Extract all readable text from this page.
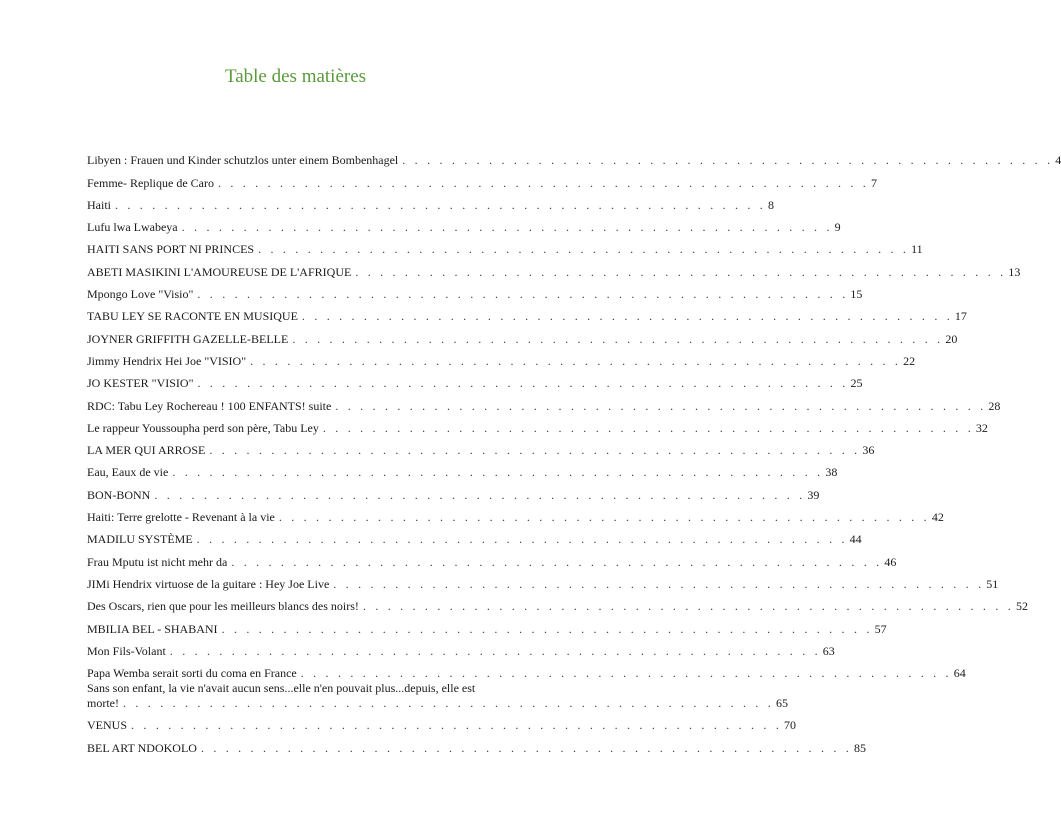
Table des matières
Libyen : Frauen und Kinder schutzlos unter einem Bombenhagel . . . . . . . . . . . . . . . . . . . . . . . . . . . . . . . . . . . . . . . . . . . . . . . . . . . . . 4
Femme- Replique de Caro . . . . . . . . . . . . . . . . . . . . . . . . . . . . . . . . . . . . . . . . . . . . . . . . . . . . . 7
Haiti . . . . . . . . . . . . . . . . . . . . . . . . . . . . . . . . . . . . . . . . . . . . . . . . . . . . . 8
Lufu lwa Lwabeya . . . . . . . . . . . . . . . . . . . . . . . . . . . . . . . . . . . . . . . . . . . . . . . . . . . . . 9
HAITI SANS PORT NI PRINCES . . . . . . . . . . . . . . . . . . . . . . . . . . . . . . . . . . . . . . . . . . . . . . . . . . . . . 11
ABETI MASIKINI L'AMOUREUSE DE L'AFRIQUE . . . . . . . . . . . . . . . . . . . . . . . . . . . . . . . . . . . . . . . . . . . . . . . . . . . . . 13
Mpongo Love "Visio" . . . . . . . . . . . . . . . . . . . . . . . . . . . . . . . . . . . . . . . . . . . . . . . . . . . . . 15
TABU LEY SE RACONTE EN MUSIQUE . . . . . . . . . . . . . . . . . . . . . . . . . . . . . . . . . . . . . . . . . . . . . . . . . . . . . 17
JOYNER GRIFFITH GAZELLE-BELLE . . . . . . . . . . . . . . . . . . . . . . . . . . . . . . . . . . . . . . . . . . . . . . . . . . . . . 20
Jimmy Hendrix Hei Joe "VISIO" . . . . . . . . . . . . . . . . . . . . . . . . . . . . . . . . . . . . . . . . . . . . . . . . . . . . . 22
JO KESTER "VISIO" . . . . . . . . . . . . . . . . . . . . . . . . . . . . . . . . . . . . . . . . . . . . . . . . . . . . . 25
RDC: Tabu Ley Rochereau ! 100 ENFANTS! suite . . . . . . . . . . . . . . . . . . . . . . . . . . . . . . . . . . . . . . . . . . . . . . . . . . . . . 28
Le rappeur Youssoupha perd son père, Tabu Ley . . . . . . . . . . . . . . . . . . . . . . . . . . . . . . . . . . . . . . . . . . . . . . . . . . . . . 32
LA MER QUI ARROSE . . . . . . . . . . . . . . . . . . . . . . . . . . . . . . . . . . . . . . . . . . . . . . . . . . . . . 36
Eau, Eaux de vie . . . . . . . . . . . . . . . . . . . . . . . . . . . . . . . . . . . . . . . . . . . . . . . . . . . . . 38
BON-BONN . . . . . . . . . . . . . . . . . . . . . . . . . . . . . . . . . . . . . . . . . . . . . . . . . . . . . 39
Haiti: Terre grelotte - Revenant à la vie . . . . . . . . . . . . . . . . . . . . . . . . . . . . . . . . . . . . . . . . . . . . . . . . . . . . . 42
MADILU SYSTÈME . . . . . . . . . . . . . . . . . . . . . . . . . . . . . . . . . . . . . . . . . . . . . . . . . . . . . 44
Frau Mputu ist nicht mehr da . . . . . . . . . . . . . . . . . . . . . . . . . . . . . . . . . . . . . . . . . . . . . . . . . . . . . 46
JIMi Hendrix virtuose de la guitare : Hey Joe Live . . . . . . . . . . . . . . . . . . . . . . . . . . . . . . . . . . . . . . . . . . . . . . . . . . . . . 51
Des Oscars, rien que pour les meilleurs blancs des noirs! . . . . . . . . . . . . . . . . . . . . . . . . . . . . . . . . . . . . . . . . . . . . . . . . . . . . . 52
MBILIA BEL - SHABANI . . . . . . . . . . . . . . . . . . . . . . . . . . . . . . . . . . . . . . . . . . . . . . . . . . . . . 57
Mon Fils-Volant . . . . . . . . . . . . . . . . . . . . . . . . . . . . . . . . . . . . . . . . . . . . . . . . . . . . . 63
Papa Wemba serait sorti du coma en France . . . . . . . . . . . . . . . . . . . . . . . . . . . . . . . . . . . . . . . . . . . . . . . . . . . . . 64
Sans son enfant, la vie n'avait aucun sens...elle n'en pouvait plus...depuis, elle est
morte! . . . . . . . . . . . . . . . . . . . . . . . . . . . . . . . . . . . . . . . . . . . . . . . . . . . . . 65
VENUS . . . . . . . . . . . . . . . . . . . . . . . . . . . . . . . . . . . . . . . . . . . . . . . . . . . . . 70
BEL ART NDOKOLO . . . . . . . . . . . . . . . . . . . . . . . . . . . . . . . . . . . . . . . . . . . . . . . . . . . . . 85
